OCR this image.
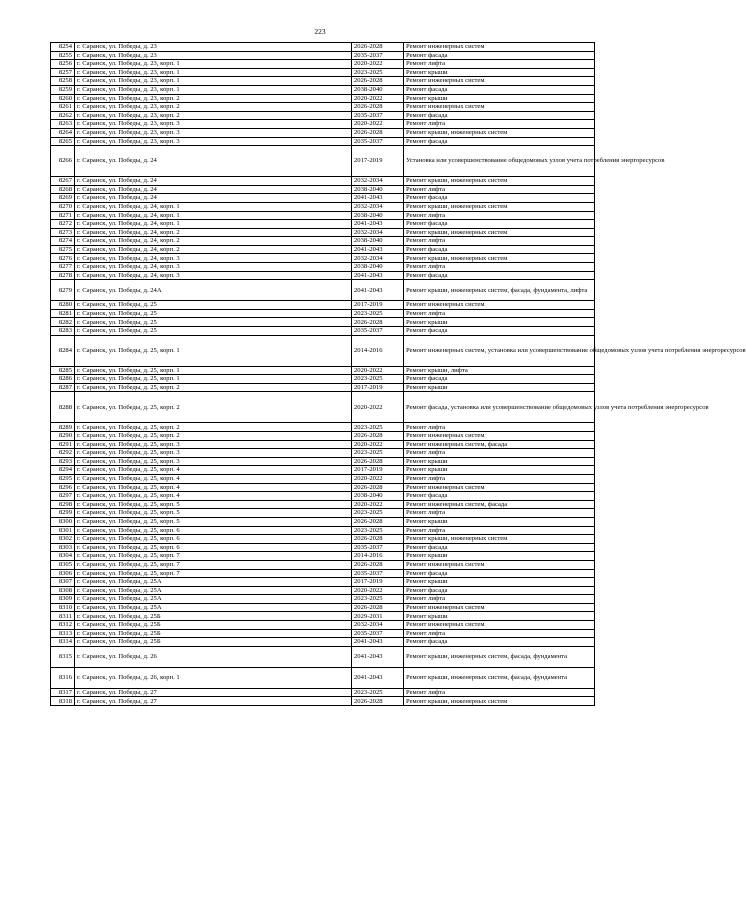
223
8254	г. Саранск, ул. Победы, д. 23	2026-2028	Ремонт инженерных систем
8255	г. Саранск, ул. Победы, д. 23	2035-2037	Ремонт фасада
8256	г. Саранск, ул. Победы, д. 23, корп. 1	2020-2022	Ремонт лифта
8257	г. Саранск, ул. Победы, д. 23, корп. 1	2023-2025	Ремонт крыши
8258	г. Саранск, ул. Победы, д. 23, корп. 1	2026-2028	Ремонт инженерных систем
8259	г. Саранск, ул. Победы, д. 23, корп. 1	2038-2040	Ремонт фасада
8260	г. Саранск, ул. Победы, д. 23, корп. 2	2020-2022	Ремонт крыши
8261	г. Саранск, ул. Победы, д. 23, корп. 2	2026-2028	Ремонт инженерных систем
8262	г. Саранск, ул. Победы, д. 23, корп. 2	2035-2037	Ремонт фасада
8263	г. Саранск, ул. Победы, д. 23, корп. 3	2020-2022	Ремонт лифта
8264	г. Саранск, ул. Победы, д. 23, корп. 3	2026-2028	Ремонт крыши, инженерных систем
8265	г. Саранск, ул. Победы, д. 23, корп. 3	2035-2037	Ремонт фасада
8266	г. Саранск, ул. Победы, д. 24	2017-2019	Установка или усовершенствование общедомовых узлов учета потребления энергоресурсов
8267	г. Саранск, ул. Победы, д. 24	2032-2034	Ремонт крыши, инженерных систем
8268	г. Саранск, ул. Победы, д. 24	2038-2040	Ремонт лифта
8269	г. Саранск, ул. Победы, д. 24	2041-2043	Ремонт фасада
8270	г. Саранск, ул. Победы, д. 24, корп. 1	2032-2034	Ремонт крыши, инженерных систем
8271	г. Саранск, ул. Победы, д. 24, корп. 1	2038-2040	Ремонт лифта
8272	г. Саранск, ул. Победы, д. 24, корп. 1	2041-2043	Ремонт фасада
8273	г. Саранск, ул. Победы, д. 24, корп. 2	2032-2034	Ремонт крыши, инженерных систем
8274	г. Саранск, ул. Победы, д. 24, корп. 2	2038-2040	Ремонт лифта
8275	г. Саранск, ул. Победы, д. 24, корп. 2	2041-2043	Ремонт фасада
8276	г. Саранск, ул. Победы, д. 24, корп. 3	2032-2034	Ремонт крыши, инженерных систем
8277	г. Саранск, ул. Победы, д. 24, корп. 3	2038-2040	Ремонт лифта
8278	г. Саранск, ул. Победы, д. 24, корп. 3	2041-2043	Ремонт фасада
8279	г. Саранск, ул. Победы, д. 24А	2041-2043	Ремонт крыши, инженерных систем, фасада, фундамента, лифта
8280	г. Саранск, ул. Победы, д. 25	2017-2019	Ремонт инженерных систем
8281	г. Саранск, ул. Победы, д. 25	2023-2025	Ремонт лифта
8282	г. Саранск, ул. Победы, д. 25	2026-2028	Ремонт крыши
8283	г. Саранск, ул. Победы, д. 25	2035-2037	Ремонт фасада
8284	г. Саранск, ул. Победы, д. 25, корп. 1	2014-2016	Ремонт инженерных систем, установка или усовершенствование общедомовых узлов учета потребления энергоресурсов
8285	г. Саранск, ул. Победы, д. 25, корп. 1	2020-2022	Ремонт крыши, лифта
8286	г. Саранск, ул. Победы, д. 25, корп. 1	2023-2025	Ремонт фасада
8287	г. Саранск, ул. Победы, д. 25, корп. 2	2017-2019	Ремонт крыши
8288	г. Саранск, ул. Победы, д. 25, корп. 2	2020-2022	Ремонт фасада, установка или усовершенствование общедомовых узлов учета потребления энергоресурсов
8289	г. Саранск, ул. Победы, д. 25, корп. 2	2023-2025	Ремонт лифта
8290	г. Саранск, ул. Победы, д. 25, корп. 2	2026-2028	Ремонт инженерных систем
8291	г. Саранск, ул. Победы, д. 25, корп. 3	2020-2022	Ремонт инженерных систем, фасада
8292	г. Саранск, ул. Победы, д. 25, корп. 3	2023-2025	Ремонт лифта
8293	г. Саранск, ул. Победы, д. 25, корп. 3	2026-2028	Ремонт крыши
8294	г. Саранск, ул. Победы, д. 25, корп. 4	2017-2019	Ремонт крыши
8295	г. Саранск, ул. Победы, д. 25, корп. 4	2020-2022	Ремонт лифта
8296	г. Саранск, ул. Победы, д. 25, корп. 4	2026-2028	Ремонт инженерных систем
8297	г. Саранск, ул. Победы, д. 25, корп. 4	2038-2040	Ремонт фасада
8298	г. Саранск, ул. Победы, д. 25, корп. 5	2020-2022	Ремонт инженерных систем, фасада
8299	г. Саранск, ул. Победы, д. 25, корп. 5	2023-2025	Ремонт лифта
8300	г. Саранск, ул. Победы, д. 25, корп. 5	2026-2028	Ремонт крыши
8301	г. Саранск, ул. Победы, д. 25, корп. 6	2023-2025	Ремонт лифта
8302	г. Саранск, ул. Победы, д. 25, корп. 6	2026-2028	Ремонт крыши, инженерных систем
8303	г. Саранск, ул. Победы, д. 25, корп. 6	2035-2037	Ремонт фасада
8304	г. Саранск, ул. Победы, д. 25, корп. 7	2014-2016	Ремонт крыши
8305	г. Саранск, ул. Победы, д. 25, корп. 7	2026-2028	Ремонт инженерных систем
8306	г. Саранск, ул. Победы, д. 25, корп. 7	2035-2037	Ремонт фасада
8307	г. Саранск, ул. Победы, д. 25А	2017-2019	Ремонт крыши
8308	г. Саранск, ул. Победы, д. 25А	2020-2022	Ремонт фасада
8309	г. Саранск, ул. Победы, д. 25А	2023-2025	Ремонт лифта
8310	г. Саранск, ул. Победы, д. 25А	2026-2028	Ремонт инженерных систем
8311	г. Саранск, ул. Победы, д. 25Б	2029-2031	Ремонт крыши
8312	г. Саранск, ул. Победы, д. 25Б	2032-2034	Ремонт инженерных систем
8313	г. Саранск, ул. Победы, д. 25Б	2035-2037	Ремонт лифта
8314	г. Саранск, ул. Победы, д. 25Б	2041-2043	Ремонт фасада
8315	г. Саранск, ул. Победы, д. 26	2041-2043	Ремонт крыши, инженерных систем, фасада, фундамента
8316	г. Саранск, ул. Победы, д. 26, корп. 1	2041-2043	Ремонт крыши, инженерных систем, фасада, фундамента
8317	г. Саранск, ул. Победы, д. 27	2023-2025	Ремонт лифта
8318	г. Саранск, ул. Победы, д. 27	2026-2028	Ремонт крыши, инженерных систем
